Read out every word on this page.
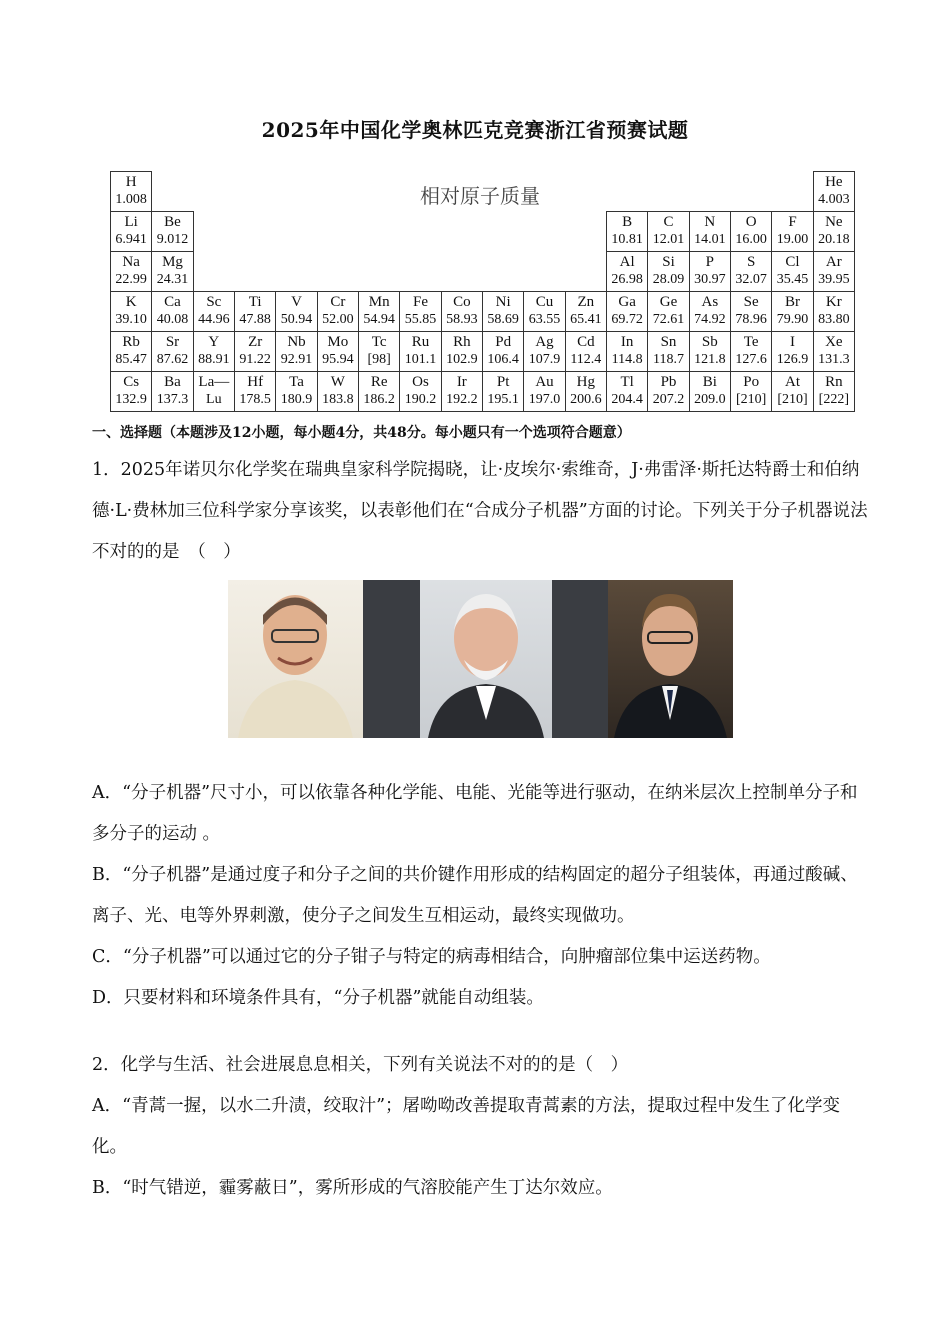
2025年中国化学奥林匹克竞赛浙江省预赛试题
H
1.008
He
4.003
Li
6.941
Be
9.012
B
10.81
C
12.01
N
14.01
O
16.00
F
19.00
Ne
20.18
Na
22.99
Mg
24.31
Al
26.98
Si
28.09
P
30.97
S
32.07
Cl
35.45
Ar
39.95
K
39.10
Ca
40.08
Sc
44.96
Ti
47.88
V
50.94
Cr
52.00
Mn
54.94
Fe
55.85
Co
58.93
Ni
58.69
Cu
63.55
Zn
65.41
Ga
69.72
Ge
72.61
As
74.92
Se
78.96
Br
79.90
Kr
83.80
Rb
85.47
Sr
87.62
Y
88.91
Zr
91.22
Nb
92.91
Mo
95.94
Tc
[98]
Ru
101.1
Rh
102.9
Pd
106.4
Ag
107.9
Cd
112.4
In
114.8
Sn
118.7
Sb
121.8
Te
127.6
I
126.9
Xe
131.3
Cs
132.9
Ba
137.3
La—
Lu
Hf
178.5
Ta
180.9
W
183.8
Re
186.2
Os
190.2
Ir
192.2
Pt
195.1
Au
197.0
Hg
200.6
Tl
204.4
Pb
207.2
Bi
209.0
Po
[210]
At
[210]
Rn
[222]
相对原子质量
一、选择题（本题涉及12小题，每小题4分，共48分。每小题只有一个选项符合题意）
1．2025年诺贝尔化学奖在瑞典皇家科学院揭晓，让·皮埃尔·索维奇，J·弗雷泽·斯托达特爵士和伯纳德·L·费林加三位科学家分享该奖，以表彰他们在“合成分子机器”方面的讨论。下列关于分子机器说法不对的的是　（　）
A．“分子机器”尺寸小，可以依靠各种化学能、电能、光能等进行驱动，在纳米层次上控制单分子和多分子的运动 。
B．“分子机器”是通过度子和分子之间的共价键作用形成的结构固定的超分子组装体，再通过酸碱、离子、光、电等外界刺激，使分子之间发生互相运动，最终实现做功。
C．“分子机器”可以通过它的分子钳子与特定的病毒相结合，向肿瘤部位集中运送药物。
D．只要材料和环境条件具有，“分子机器”就能自动组装。
2．化学与生活、社会进展息息相关，下列有关说法不对的的是（　）
A．“青蒿一握，以水二升渍，绞取汁”；屠呦呦改善提取青蒿素的方法，提取过程中发生了化学变化。
B．“时气错逆，霾雾蔽日”，雾所形成的气溶胶能产生丁达尔效应。
